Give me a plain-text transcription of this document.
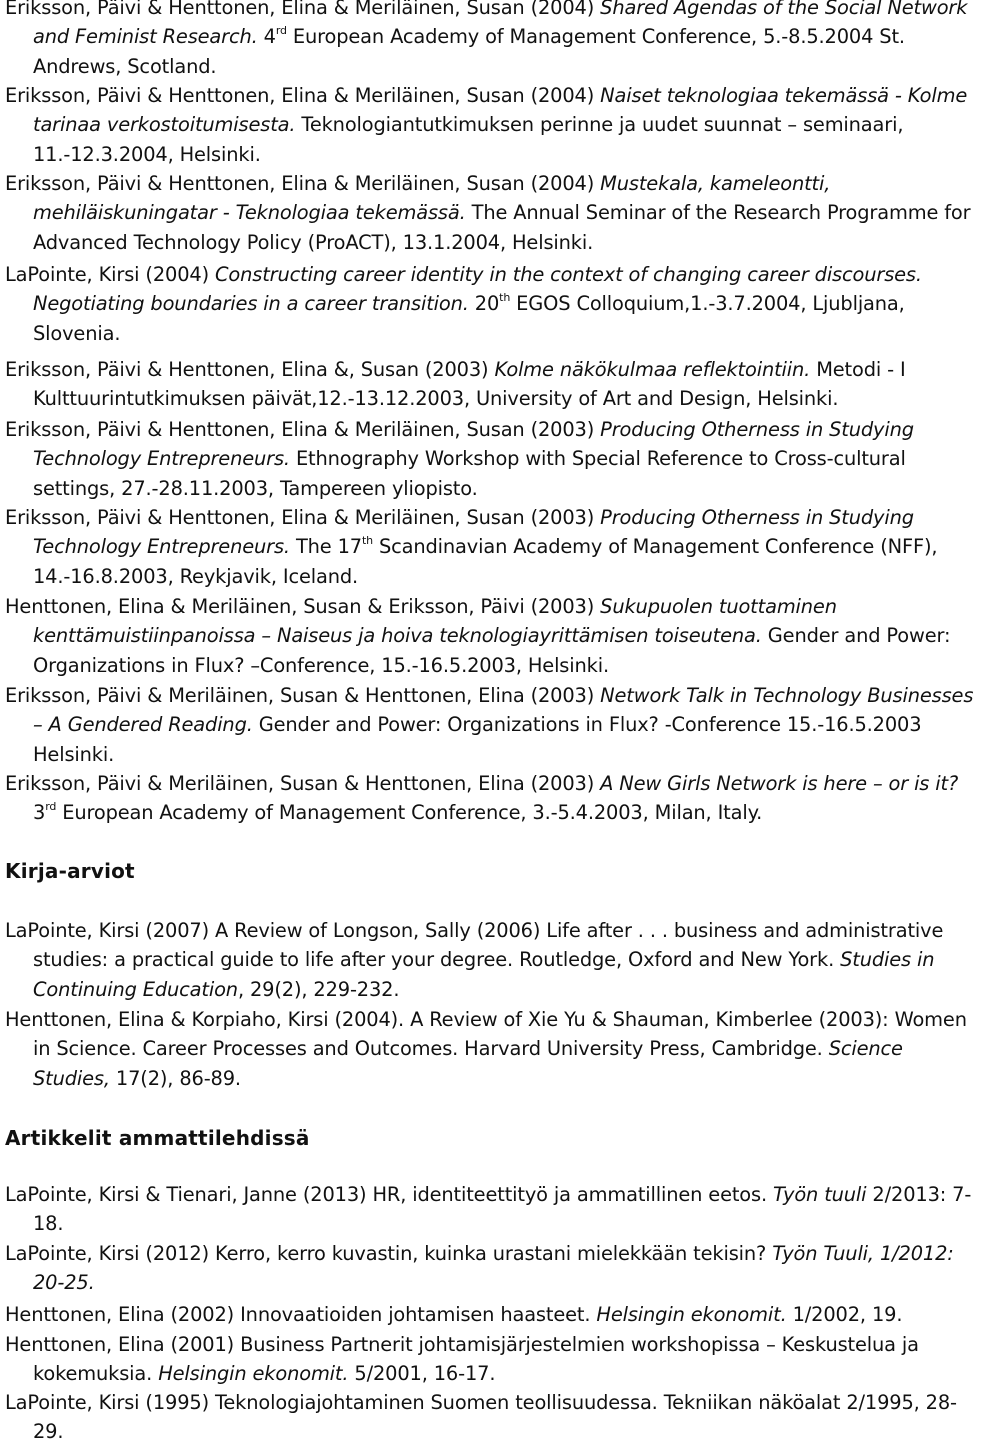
Eriksson, Päivi & Henttonen, Elina & Meriläinen, Susan (2004) Shared Agendas of the Social Network and Feminist Research. 4rd European Academy of Management Conference, 5.-8.5.2004 St. Andrews, Scotland.

Eriksson, Päivi & Henttonen, Elina & Meriläinen, Susan (2004) Naiset teknologiaa tekemässä - Kolme tarinaa verkostoitumisesta. Teknologiantutkimuksen perinne ja uudet suunnat – seminaari, 11.-12.3.2004, Helsinki.

Eriksson, Päivi & Henttonen, Elina & Meriläinen, Susan (2004) Mustekala, kameleontti, mehiläiskuningatar - Teknologiaa tekemässä. The Annual Seminar of the Research Programme for Advanced Technology Policy (ProACT), 13.1.2004, Helsinki.

LaPointe, Kirsi (2004) Constructing career identity in the context of changing career discourses. Negotiating boundaries in a career transition. 20th EGOS Colloquium,1.-3.7.2004, Ljubljana, Slovenia.

Eriksson, Päivi & Henttonen, Elina &, Susan (2003) Kolme näkökulmaa reflektointiin. Metodi - I Kulttuurintutkimuksen päivät,12.-13.12.2003, University of Art and Design, Helsinki.

Eriksson, Päivi & Henttonen, Elina & Meriläinen, Susan (2003) Producing Otherness in Studying Technology Entrepreneurs. Ethnography Workshop with Special Reference to Cross-cultural settings, 27.-28.11.2003, Tampereen yliopisto.

Eriksson, Päivi & Henttonen, Elina & Meriläinen, Susan (2003) Producing Otherness in Studying Technology Entrepreneurs. The 17th Scandinavian Academy of Management Conference (NFF), 14.-16.8.2003, Reykjavik, Iceland.

Henttonen, Elina & Meriläinen, Susan & Eriksson, Päivi (2003) Sukupuolen tuottaminen kenttämuistiinpanoissa – Naiseus ja hoiva teknologiayrittämisen toiseutena. Gender and Power: Organizations in Flux? –Conference, 15.-16.5.2003, Helsinki.

Eriksson, Päivi & Meriläinen, Susan & Henttonen, Elina (2003) Network Talk in Technology Businesses – A Gendered Reading. Gender and Power: Organizations in Flux? -Conference 15.-16.5.2003 Helsinki.

Eriksson, Päivi & Meriläinen, Susan & Henttonen, Elina (2003) A New Girls Network is here – or is it? 3rd European Academy of Management Conference, 3.-5.4.2003, Milan, Italy.

Kirja-arviot

LaPointe, Kirsi (2007) A Review of Longson, Sally (2006) Life after . . . business and administrative studies: a practical guide to life after your degree. Routledge, Oxford and New York. Studies in Continuing Education, 29(2), 229-232.

Henttonen, Elina & Korpiaho, Kirsi (2004). A Review of Xie Yu & Shauman, Kimberlee (2003): Women in Science. Career Processes and Outcomes. Harvard University Press, Cambridge. Science Studies, 17(2), 86-89.

Artikkelit ammattilehdissä

LaPointe, Kirsi & Tienari, Janne (2013) HR, identiteettityö ja ammatillinen eetos. Työn tuuli 2/2013: 7-18.

LaPointe, Kirsi (2012) Kerro, kerro kuvastin, kuinka urastani mielekkään tekisin? Työn Tuuli, 1/2012: 20-25.

Henttonen, Elina (2002) Innovaatioiden johtamisen haasteet. Helsingin ekonomit. 1/2002, 19.

Henttonen, Elina (2001) Business Partnerit johtamisjärjestelmien workshopissa – Keskustelua ja kokemuksia. Helsingin ekonomit. 5/2001, 16-17.

LaPointe, Kirsi (1995) Teknologiajohtaminen Suomen teollisuudessa. Tekniikan näköalat 2/1995, 28-29.
